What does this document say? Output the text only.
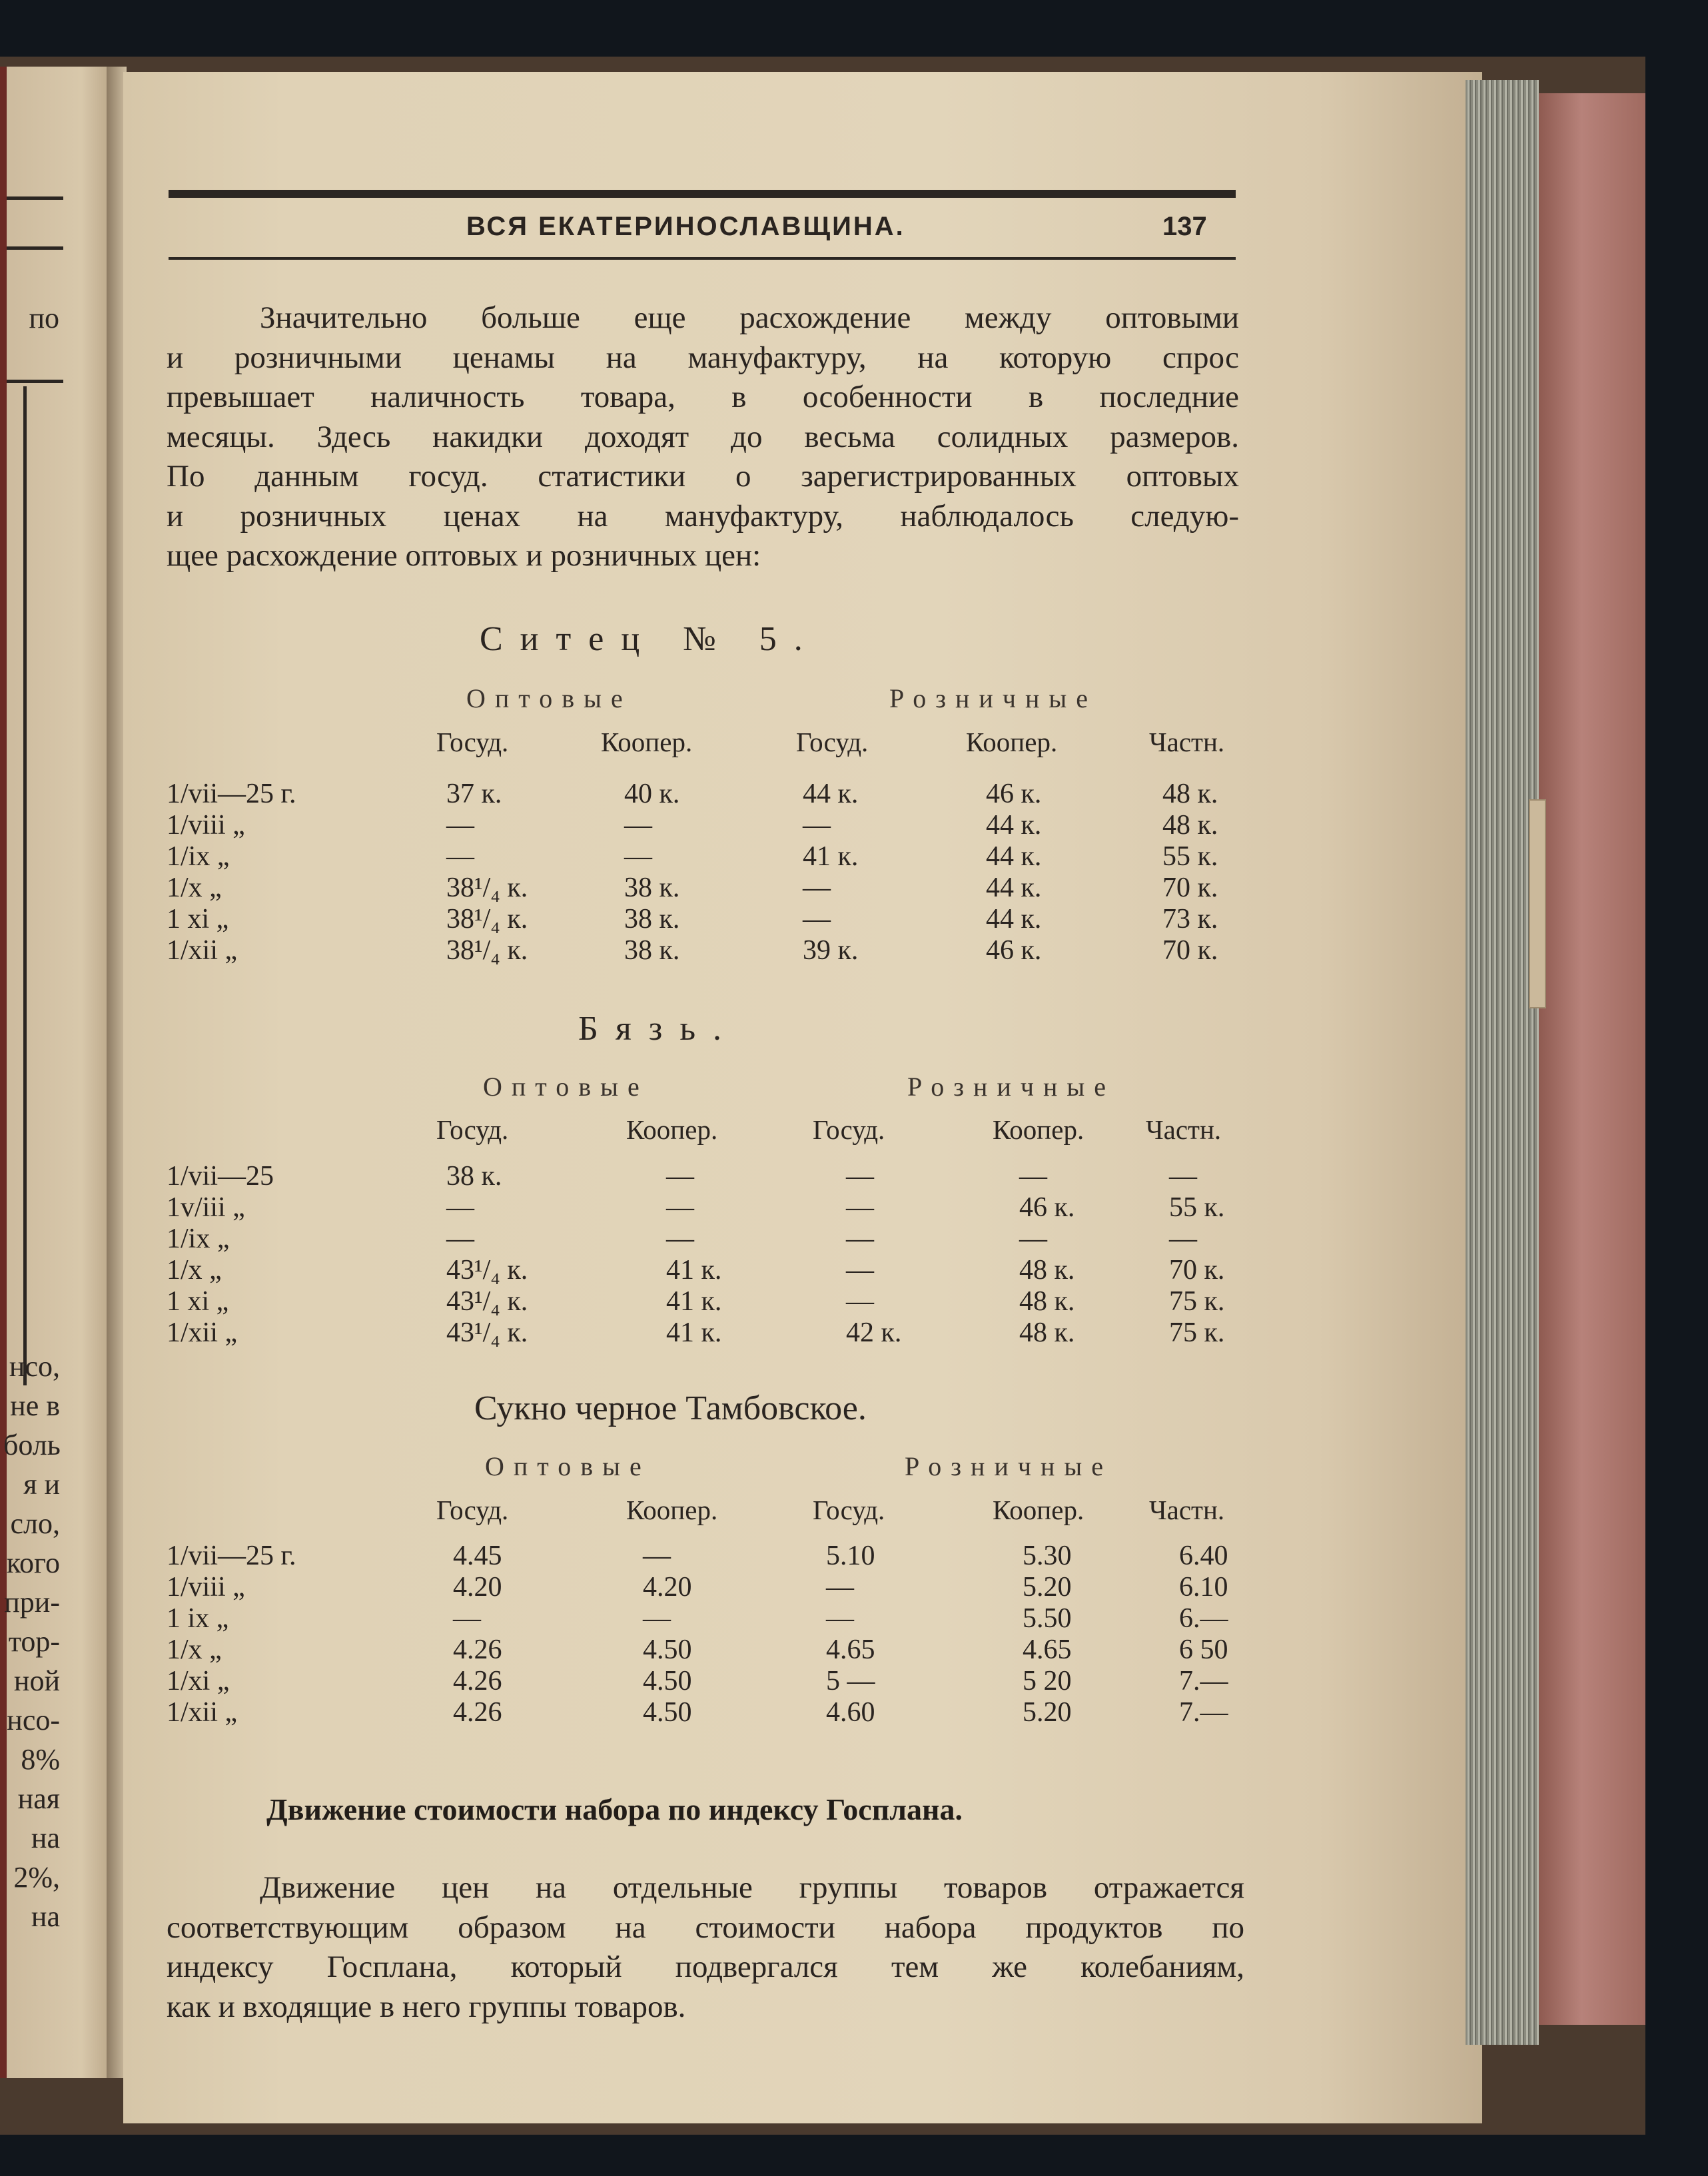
по
нсо,
не в
боль
я и
сло,
кого
при-
тор-
ной
нсо-
8%
ная
на
2%,
на
ВСЯ ЕКАТЕРИНОСЛАВЩИНА.	137
Значительно больше еще расхождение между оптовыми
и розничными ценамы на мануфактуру, на которую спрос
превышает наличность товара, в особенности в последние
месяцы. Здесь накидки доходят до весьма солидных размеров.
По данным госуд. статистики о зарегистрированных оптовых
и розничных ценах на мануфактуру, наблюдалось следую-
щее расхождение оптовых и розничных цен:
Ситец № 5.
Оптовые	Розничные
Госуд.	Коопер.	Госуд.	Коопер.	Частн.
1/vii—25 г.	37 к.	40 к.	44 к.	46 к.	48 к.
1/viii „	—	—	—	44 к.	48 к.
1/ix „	—	—	41 к.	44 к.	55 к.
1/x „	38¹/₄ к.	38 к.	—	44 к.	70 к.
1 xi „	38¹/₄ к.	38 к.	—	44 к.	73 к.
1/xii „	38¹/₄ к.	38 к.	39 к.	46 к.	70 к.
Бязь.
Оптовые	Розничные
Госуд.	Коопер.	Госуд.	Коопер. Частн.
1/vii—25	38 к.	—	—	—	—
1v/iii „	—	—	—	46 к.	55 к.
1/ix „	—	—	—	—	—
1/x „	43¹/₄ к.	41 к.	—	48 к.	70 к.
1 xi „	43¹/₄ к.	41 к.	—	48 к.	75 к.
1/xii „	43¹/₄ к.	41 к.	42 к.	48 к.	75 к.
Сукно черное Тамбовское.
Оптовые	Розничные
Госуд.	Коопер.	Госуд.	Коопер. Частн.
1/vii—25 г.	4.45	—	5.10	5.30	6.40
1/viii „	4.20	4.20	—	5.20	6.10
1 ix „	—	—	—	5.50	6.—
1/x „	4.26	4.50	4.65	4.65	6 50
1/xi „	4.26	4.50	5 —	5 20	7.—
1/xii „	4.26	4.50	4.60	5.20	7.—
Движение стоимости набора по индексу Госплана.
Движение цен на отдельные группы товаров отражается
соответствующим образом на стоимости набора продуктов по
индексу Госплана, который подвергался тем же колебаниям,
как и входящие в него группы товаров.
